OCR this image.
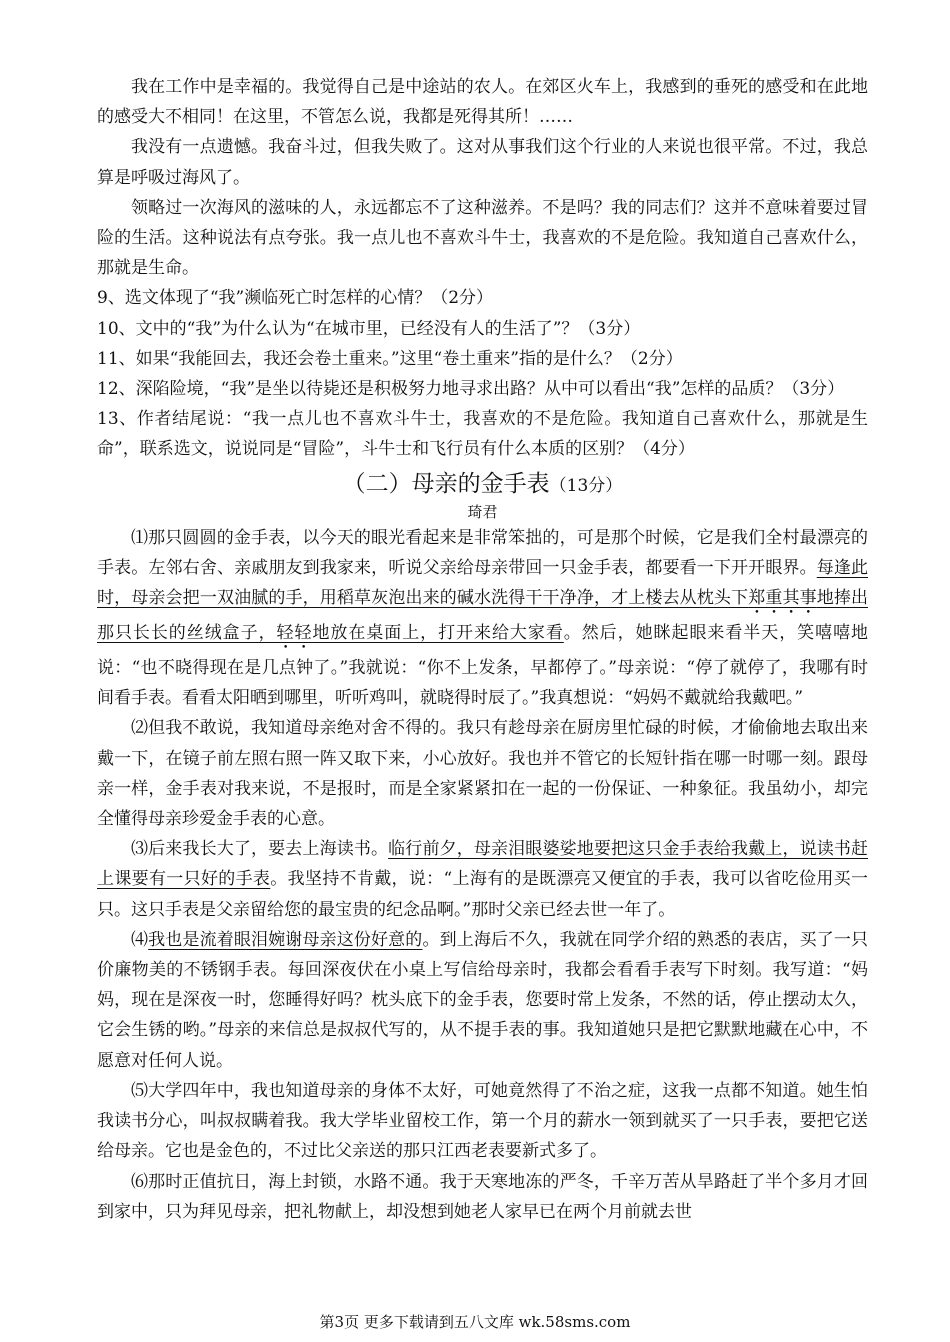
我在工作中是幸福的。我觉得自己是中途站的农人。在郊区火车上，我感到的垂死的感受和在此地的感受大不相同！在这里，不管怎么说，我都是死得其所！……

我没有一点遗憾。我奋斗过，但我失败了。这对从事我们这个行业的人来说也很平常。不过，我总算是呼吸过海风了。

领略过一次海风的滋味的人，永远都忘不了这种滋养。不是吗？我的同志们？这并不意味着要过冒险的生活。这种说法有点夸张。我一点儿也不喜欢斗牛士，我喜欢的不是危险。我知道自己喜欢什么，那就是生命。

9、选文体现了“我”濒临死亡时怎样的心情？（2分）

10、文中的“我”为什么认为“在城市里，已经没有人的生活了”？（3分）

11、如果“我能回去，我还会卷土重来。”这里“卷土重来”指的是什么？（2分）

12、深陷险境，“我”是坐以待毙还是积极努力地寻求出路？从中可以看出“我”怎样的品质？（3分）

13、作者结尾说：“我一点儿也不喜欢斗牛士，我喜欢的不是危险。我知道自己喜欢什么，那就是生命”，联系选文，说说同是“冒险”，斗牛士和飞行员有什么本质的区别？（4分）

（二）母亲的金手表（13分）
琦君

⑴那只圆圆的金手表，以今天的眼光看起来是非常笨拙的，可是那个时候，它是我们全村最漂亮的手表。左邻右舍、亲戚朋友到我家来，听说父亲给母亲带回一只金手表，都要看一下开开眼界。每逢此时，母亲会把一双油腻的手，用稻草灰泡出来的碱水洗得干干净净，才上楼去从枕头下郑重其事地捧出那只长长的丝绒盒子，轻轻地放在桌面上，打开来给大家看。然后，她眯起眼来看半天，笑嘻嘻地说：“也不晓得现在是几点钟了。”我就说：“你不上发条，早都停了。”母亲说：“停了就停了，我哪有时间看手表。看看太阳晒到哪里，听听鸡叫，就晓得时辰了。”我真想说：“妈妈不戴就给我戴吧。”

⑵但我不敢说，我知道母亲绝对舍不得的。我只有趁母亲在厨房里忙碌的时候，才偷偷地去取出来戴一下，在镜子前左照右照一阵又取下来，小心放好。我也并不管它的长短针指在哪一时哪一刻。跟母亲一样，金手表对我来说，不是报时，而是全家紧紧扣在一起的一份保证、一种象征。我虽幼小，却完全懂得母亲珍爱金手表的心意。

⑶后来我长大了，要去上海读书。临行前夕，母亲泪眼婆娑地要把这只金手表给我戴上，说读书赶上课要有一只好的手表。我坚持不肯戴，说：“上海有的是既漂亮又便宜的手表，我可以省吃俭用买一只。这只手表是父亲留给您的最宝贵的纪念品啊。”那时父亲已经去世一年了。

⑷我也是流着眼泪婉谢母亲这份好意的。到上海后不久，我就在同学介绍的熟悉的表店，买了一只价廉物美的不锈钢手表。每回深夜伏在小桌上写信给母亲时，我都会看看手表写下时刻。我写道：“妈妈，现在是深夜一时，您睡得好吗？枕头底下的金手表，您要时常上发条，不然的话，停止摆动太久，它会生锈的哟。”母亲的来信总是叔叔代写的，从不提手表的事。我知道她只是把它默默地藏在心中，不愿意对任何人说。

⑸大学四年中，我也知道母亲的身体不太好，可她竟然得了不治之症，这我一点都不知道。她生怕我读书分心，叫叔叔瞒着我。我大学毕业留校工作，第一个月的薪水一领到就买了一只手表，要把它送给母亲。它也是金色的，不过比父亲送的那只江西老表要新式多了。

⑹那时正值抗日，海上封锁，水路不通。我于天寒地冻的严冬，千辛万苦从旱路赶了半个多月才回到家中，只为拜见母亲，把礼物献上，却没想到她老人家早已在两个月前就去世

第3页 更多下载请到五八文库 wk.58sms.com
